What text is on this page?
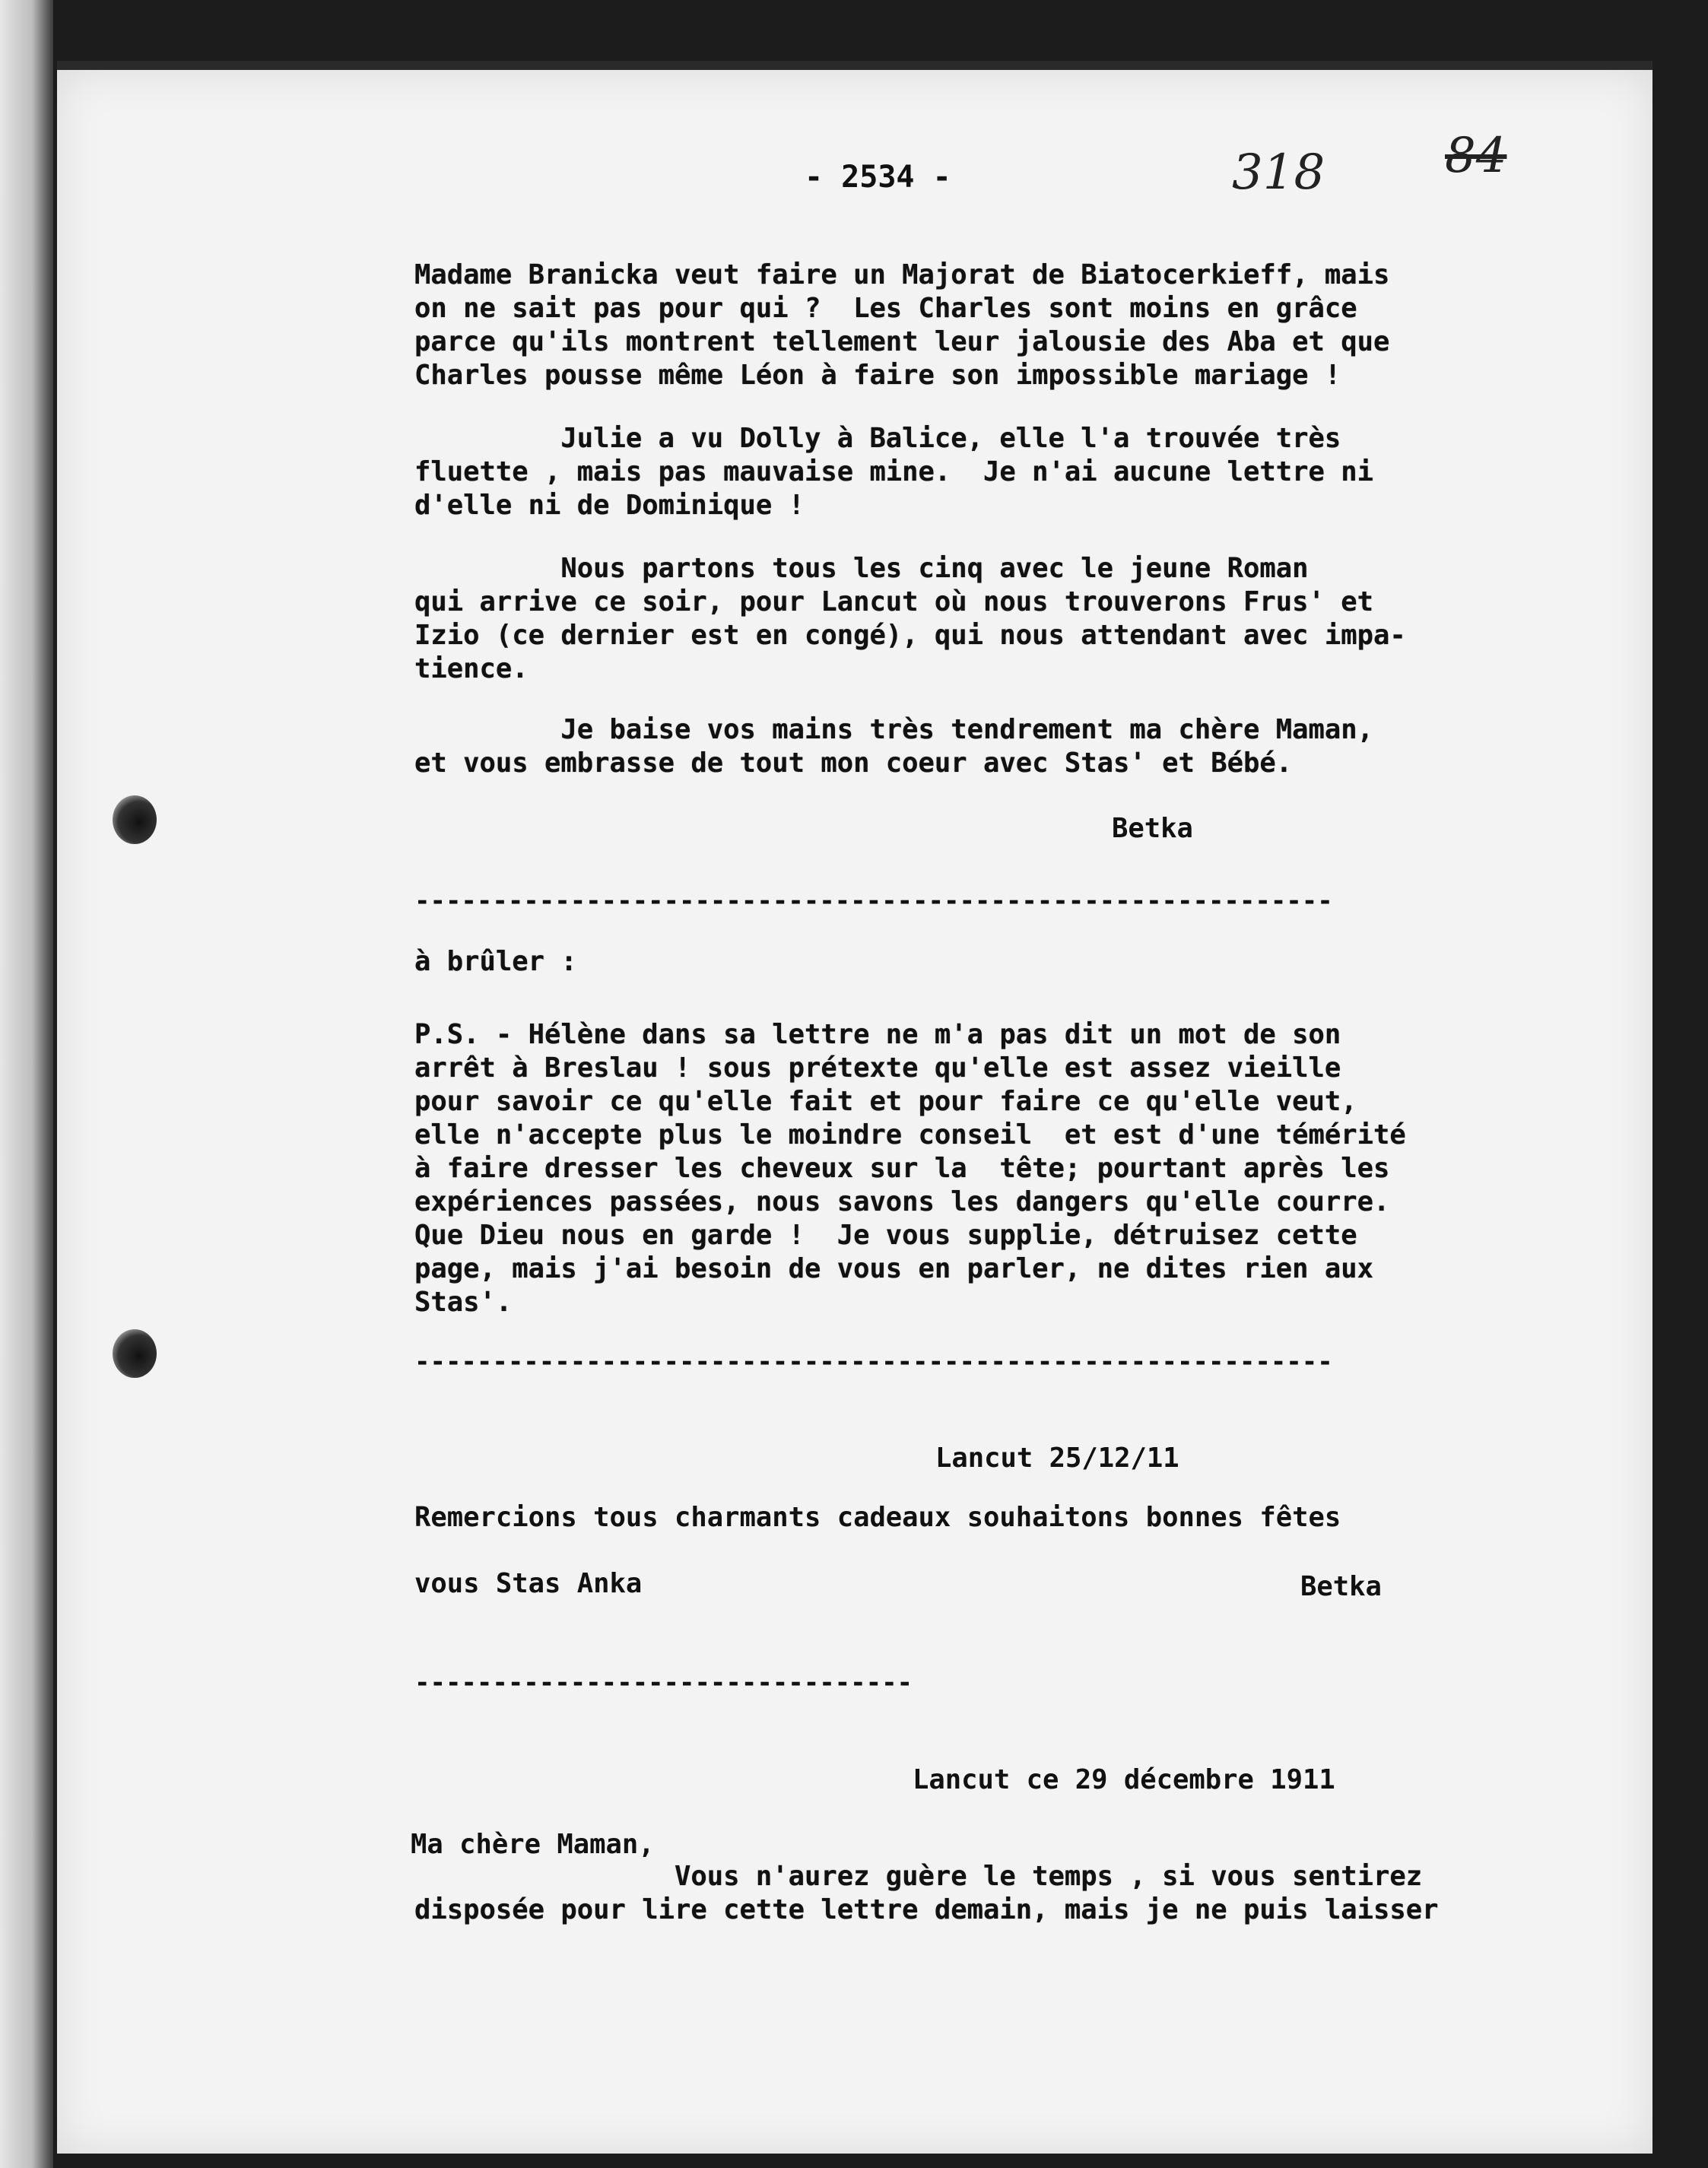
- 2534 -	318 84
Madame Branicka veut faire un Majorat de Biatocerkieff, mais
on ne sait pas pour qui ?  Les Charles sont moins en grâce
parce qu'ils montrent tellement leur jalousie des Aba et que
Charles pousse même Léon à faire son impossible mariage !
Julie a vu Dolly à Balice, elle l'a trouvée très
fluette , mais pas mauvaise mine.  Je n'ai aucune lettre ni
d'elle ni de Dominique !
Nous partons tous les cinq avec le jeune Roman
qui arrive ce soir, pour Lancut où nous trouverons Frus' et
Izio (ce dernier est en congé), qui nous attendant avec impa-
tience.
Je baise vos mains très tendrement ma chère Maman,
et vous embrasse de tout mon coeur avec Stas' et Bébé.
Betka
-----------------------------------------------------------
à brûler :
P.S. - Hélène dans sa lettre ne m'a pas dit un mot de son
arrêt à Breslau ! sous prétexte qu'elle est assez vieille
pour savoir ce qu'elle fait et pour faire ce qu'elle veut,
elle n'accepte plus le moindre conseil  et est d'une témérité
à faire dresser les cheveux sur la  tête; pourtant après les
expériences passées, nous savons les dangers qu'elle courre.
Que Dieu nous en garde !  Je vous supplie, détruisez cette
page, mais j'ai besoin de vous en parler, ne dites rien aux
Stas'.
-----------------------------------------------------------
Lancut 25/12/11
Remercions tous charmants cadeaux souhaitons bonnes fêtes
vous Stas Anka	Betka
--------------------------------
Lancut ce 29 décembre 1911
Ma chère Maman,
Vous n'aurez guère le temps , si vous sentirez
disposée pour lire cette lettre demain, mais je ne puis laisser
